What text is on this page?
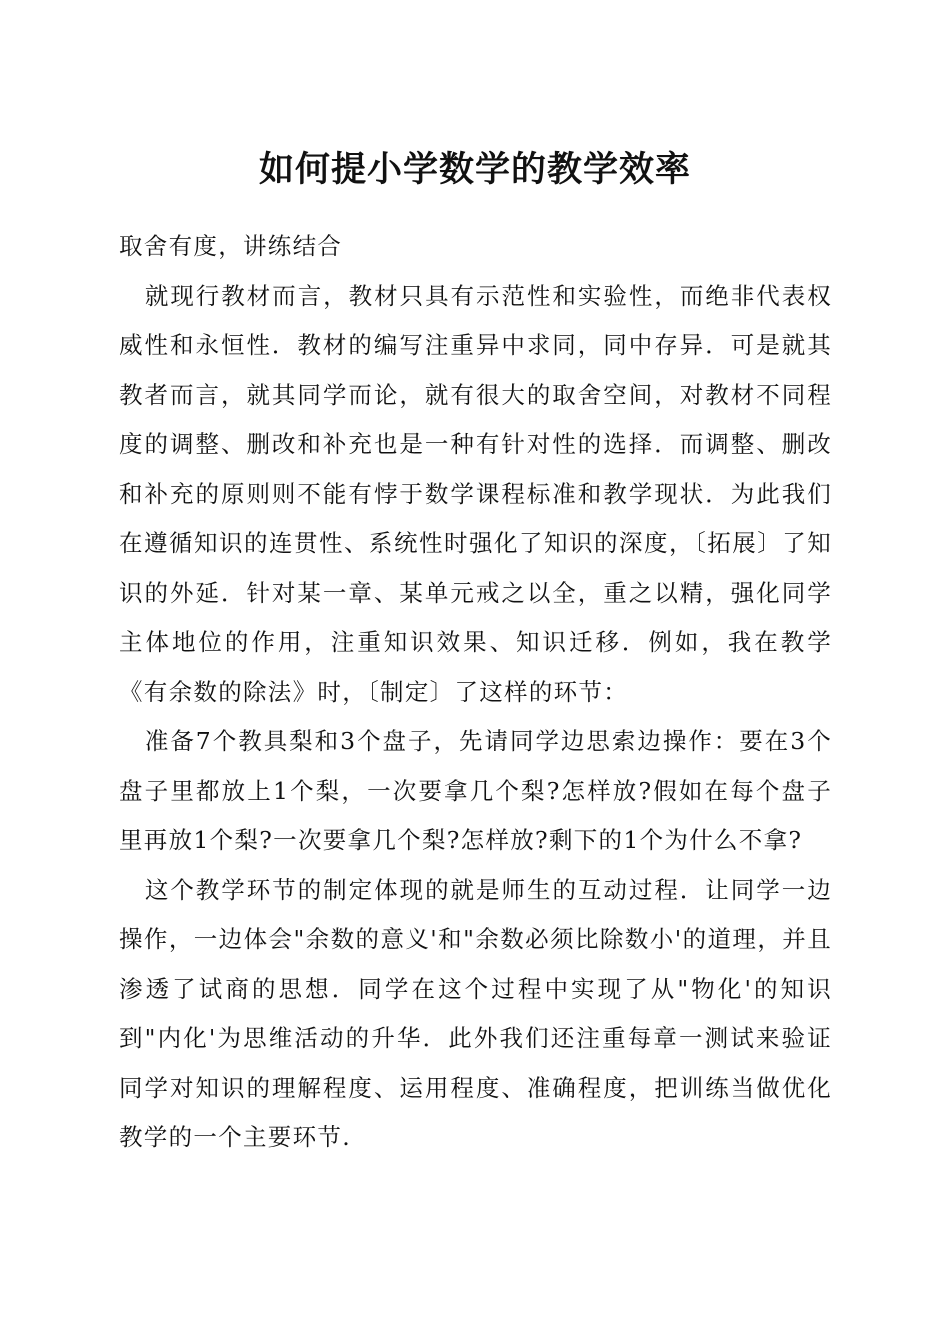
如何提小学数学的教学效率

取舍有度，讲练结合

就现行教材而言，教材只具有示范性和实验性，而绝非代表权威性和永恒性．教材的编写注重异中求同，同中存异．可是就其教者而言，就其同学而论，就有很大的取舍空间，对教材不同程度的调整、删改和补充也是一种有针对性的选择．而调整、删改和补充的原则则不能有悖于数学课程标准和教学现状．为此我们在遵循知识的连贯性、系统性时强化了知识的深度，〔拓展〕了知识的外延．针对某一章、某单元戒之以全，重之以精，强化同学主体地位的作用，注重知识效果、知识迁移．例如，我在教学《有余数的除法》时，〔制定〕了这样的环节：

准备7个教具梨和3个盘子，先请同学边思索边操作：要在3个盘子里都放上1个梨，一次要拿几个梨?怎样放?假如在每个盘子里再放1个梨?一次要拿几个梨?怎样放?剩下的1个为什么不拿?

这个教学环节的制定体现的就是师生的互动过程．让同学一边操作，一边体会"余数的意义'和"余数必须比除数小'的道理，并且渗透了试商的思想．同学在这个过程中实现了从"物化'的知识到"内化'为思维活动的升华．此外我们还注重每章一测试来验证同学对知识的理解程度、运用程度、准确程度，把训练当做优化教学的一个主要环节.
